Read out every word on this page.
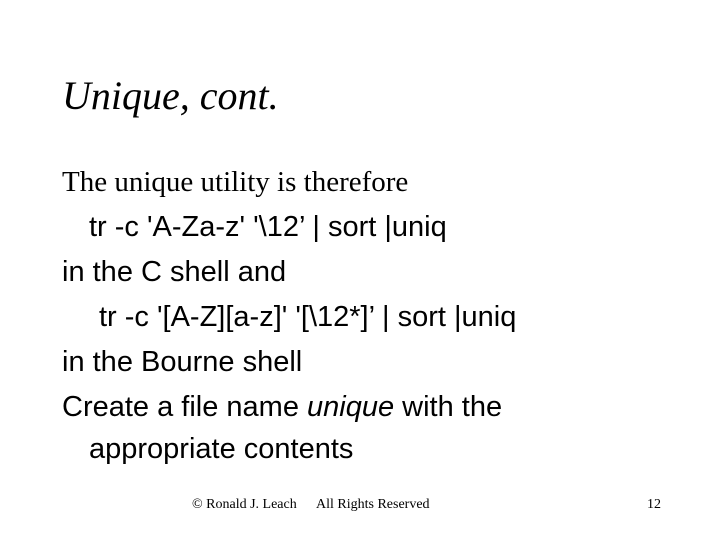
Unique, cont.
The unique utility is therefore
tr -c 'A-Za-z' '\12’ | sort |uniq
in the C shell and
tr -c '[A-Z][a-z]' '[\12*]’ | sort |uniq
in the Bourne shell
Create a file name unique with the
appropriate contents
© Ronald J. Leach All Rights Reserved	12
